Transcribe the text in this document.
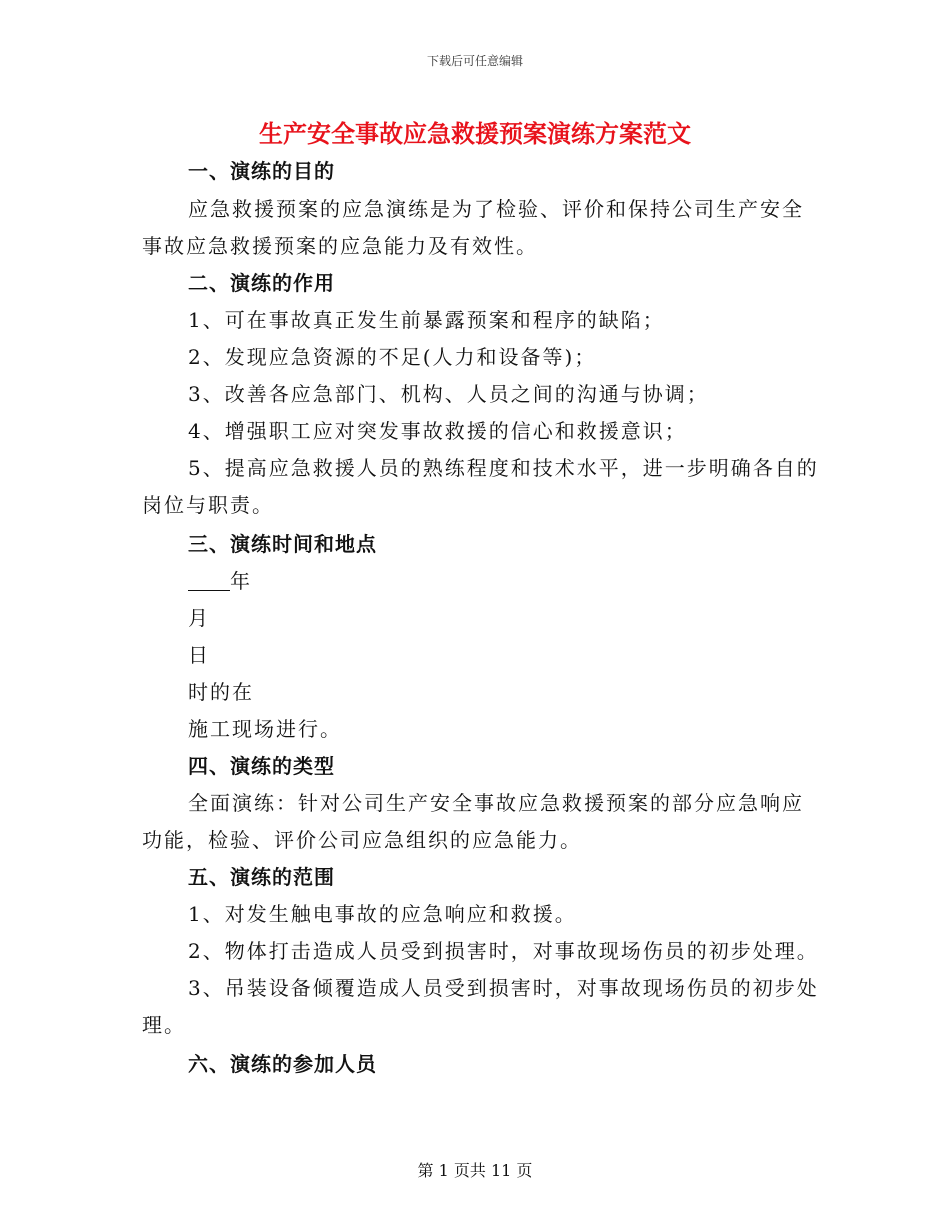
下载后可任意编辑
生产安全事故应急救援预案演练方案范文
一、演练的目的
应急救援预案的应急演练是为了检验、评价和保持公司生产安全
事故应急救援预案的应急能力及有效性。
二、演练的作用
1、可在事故真正发生前暴露预案和程序的缺陷；
2、发现应急资源的不足(人力和设备等)；
3、改善各应急部门、机构、人员之间的沟通与协调；
4、增强职工应对突发事故救援的信心和救援意识；
5、提高应急救援人员的熟练程度和技术水平，进一步明确各自的
岗位与职责。
三、演练时间和地点
年
月
日
时的在
施工现场进行。
四、演练的类型
全面演练：针对公司生产安全事故应急救援预案的部分应急响应
功能，检验、评价公司应急组织的应急能力。
五、演练的范围
1、对发生触电事故的应急响应和救援。
2、物体打击造成人员受到损害时，对事故现场伤员的初步处理。
3、吊装设备倾覆造成人员受到损害时，对事故现场伤员的初步处
理。
六、演练的参加人员
第 1 页共 11 页
